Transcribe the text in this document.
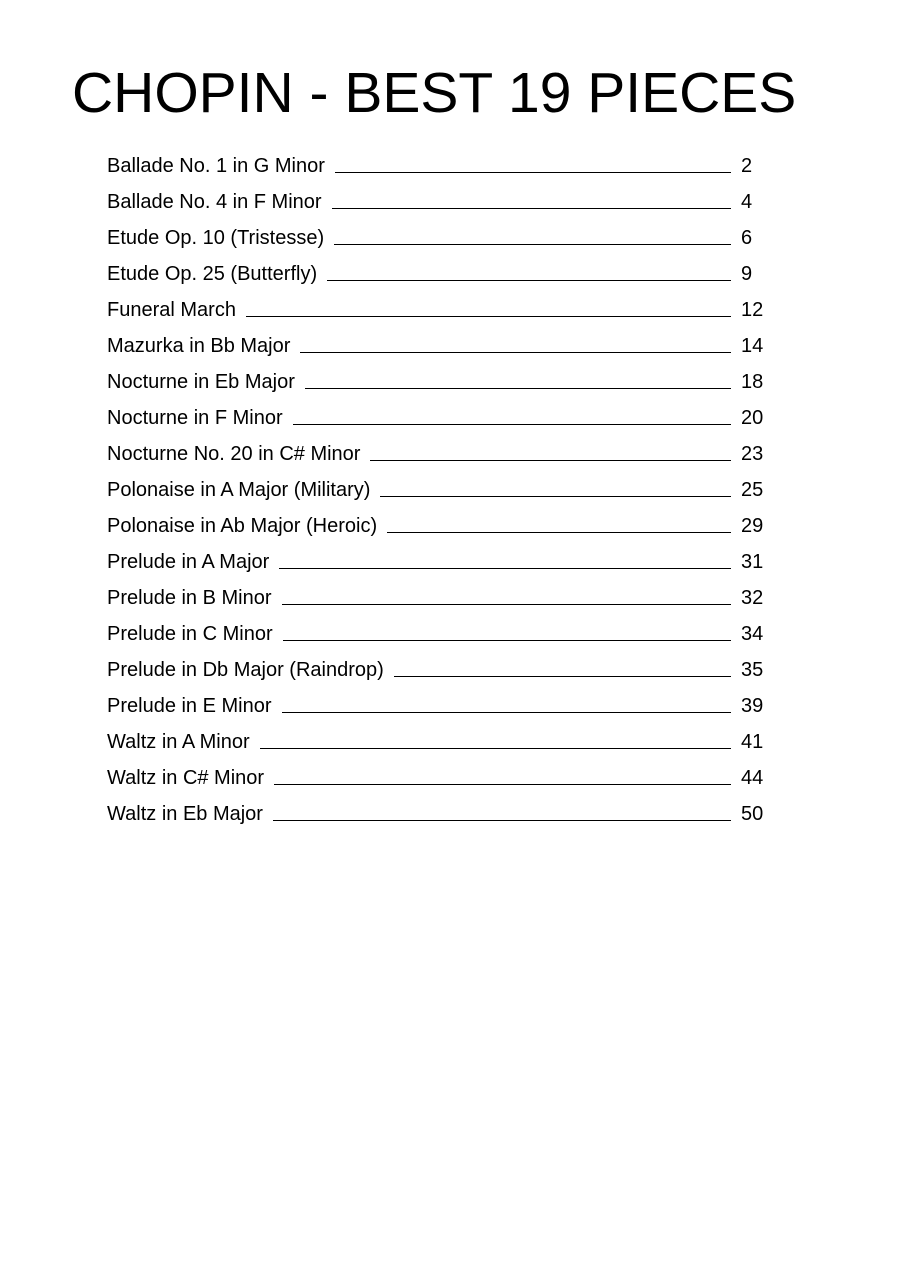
CHOPIN - BEST 19 PIECES
Ballade No. 1 in G Minor	2
Ballade No. 4 in F Minor	4
Etude Op. 10 (Tristesse)	6
Etude Op. 25 (Butterfly)	9
Funeral March	12
Mazurka in Bb Major	14
Nocturne in Eb Major	18
Nocturne in F Minor	20
Nocturne No. 20 in C# Minor	23
Polonaise in A Major (Military)	25
Polonaise in Ab Major (Heroic)	29
Prelude in A Major	31
Prelude in B Minor	32
Prelude in C Minor	34
Prelude in Db Major (Raindrop)	35
Prelude in E Minor	39
Waltz in A Minor	41
Waltz in C# Minor	44
Waltz in Eb Major	50
